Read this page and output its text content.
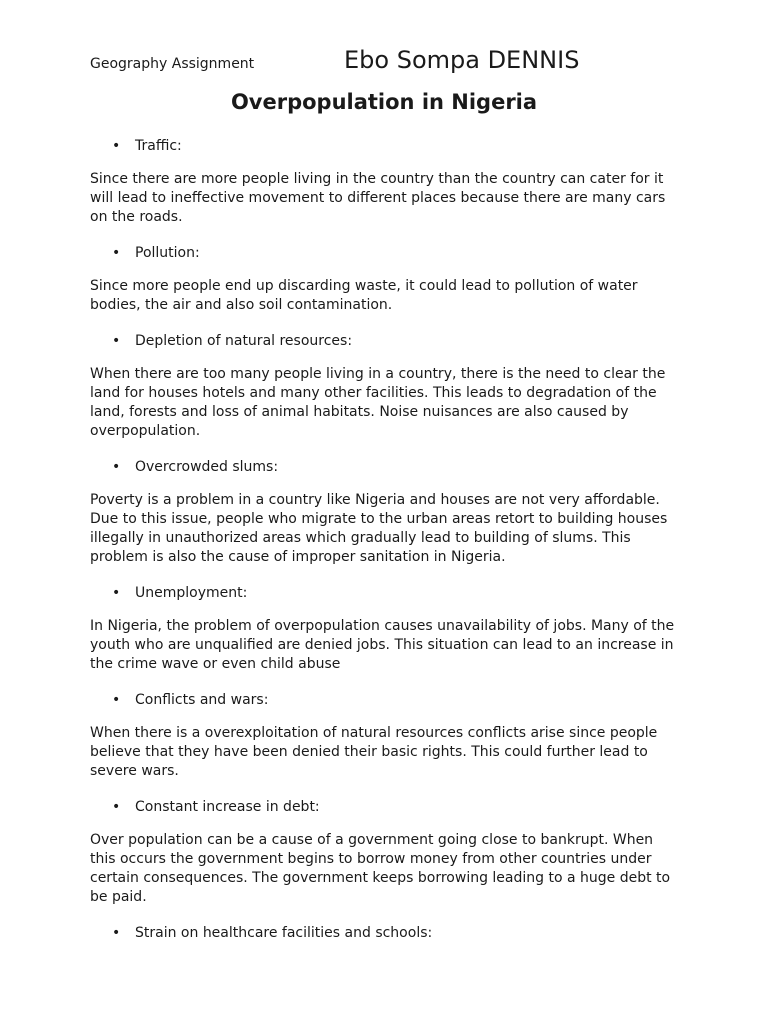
Geography Assignment	Ebo Sompa DENNIS
Overpopulation in Nigeria
• Traffic:

Since there are more people living in the country than the country can cater for it will lead to ineffective movement to different places because there are many cars on the roads.

• Pollution:

Since more people end up discarding waste, it could lead to pollution of water bodies, the air and also soil contamination.

• Depletion of natural resources:

When there are too many people living in a country, there is the need to clear the land for houses hotels and many other facilities. This leads to degradation of the land, forests and loss of animal habitats. Noise nuisances are also caused by overpopulation.

• Overcrowded slums:

Poverty is a problem in a country like Nigeria and houses are not very affordable. Due to this issue, people who migrate to the urban areas retort to building houses illegally in unauthorized areas which gradually lead to building of slums. This problem is also the cause of improper sanitation in Nigeria.

• Unemployment:

In Nigeria, the problem of overpopulation causes unavailability of jobs. Many of the youth who are unqualified are denied jobs. This situation can lead to an increase in the crime wave or even child abuse

• Conflicts and wars:

When there is a overexploitation of natural resources conflicts arise since people believe that they have been denied their basic rights. This could further lead to severe wars.

• Constant increase in debt:

Over population can be a cause of a government going close to bankrupt. When this occurs the government begins to borrow money from other countries under certain consequences. The government keeps borrowing leading to a huge debt to be paid.

• Strain on healthcare facilities and schools:
